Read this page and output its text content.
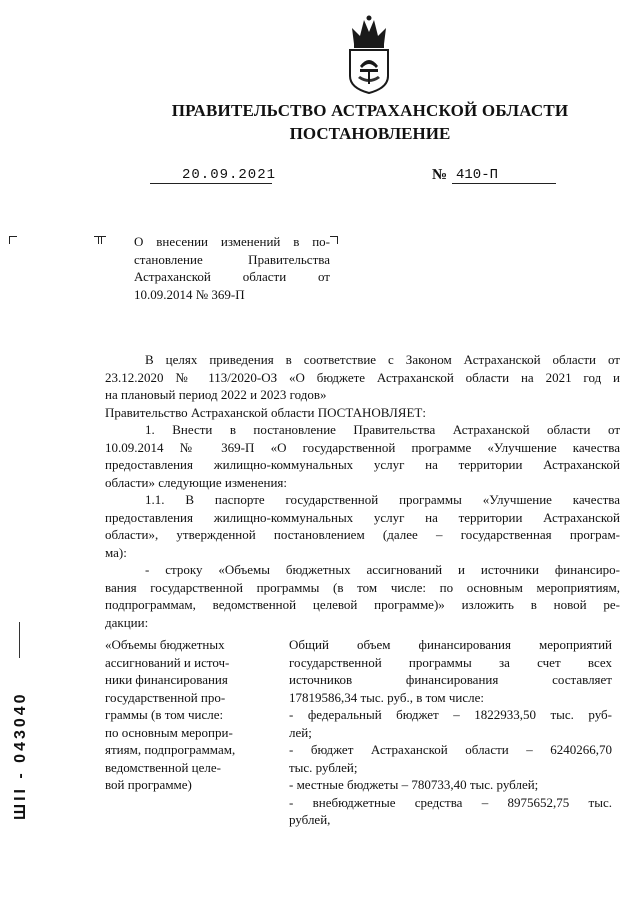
ПРАВИТЕЛЬСТВО АСТРАХАНСКОЙ ОБЛАСТИ
ПОСТАНОВЛЕНИЕ
20.09.2021	№ 410-П
О внесении изменений в по-
становление Правительства
Астраханской области от
10.09.2014 № 369-П
В целях приведения в соответствие с Законом Астраханской области от
23.12.2020 № 113/2020-ОЗ «О бюджете Астраханской области на 2021 год и
на плановый период 2022 и 2023 годов»
Правительство Астраханской области ПОСТАНОВЛЯЕТ:
1. Внести в постановление Правительства Астраханской области от
10.09.2014 № 369-П «О государственной программе «Улучшение качества
предоставления жилищно-коммунальных услуг на территории Астраханской
области» следующие изменения:
1.1. В паспорте государственной программы «Улучшение качества
предоставления жилищно-коммунальных услуг на территории Астраханской
области», утвержденной постановлением (далее – государственная програм-
ма):
- строку «Объемы бюджетных ассигнований и источники финансиро-
вания государственной программы (в том числе: по основным мероприятиям,
подпрограммам, ведомственной целевой программе)» изложить в новой ре-
дакции:
«Объемы бюджетных
ассигнований и источ-
ники финансирования
государственной про-
граммы (в том числе:
по основным меропри-
ятиям, подпрограммам,
ведомственной целе-
вой программе)
Общий объем финансирования мероприятий
государственной программы за счет всех
источников финансирования составляет
17819586,34 тыс. руб., в том числе:
- федеральный бюджет – 1822933,50 тыс. руб-
лей;
- бюджет Астраханской области – 6240266,70
тыс. рублей;
- местные бюджеты – 780733,40 тыс. рублей;
- внебюджетные средства – 8975652,75 тыс.
рублей,
ШII - 043040
